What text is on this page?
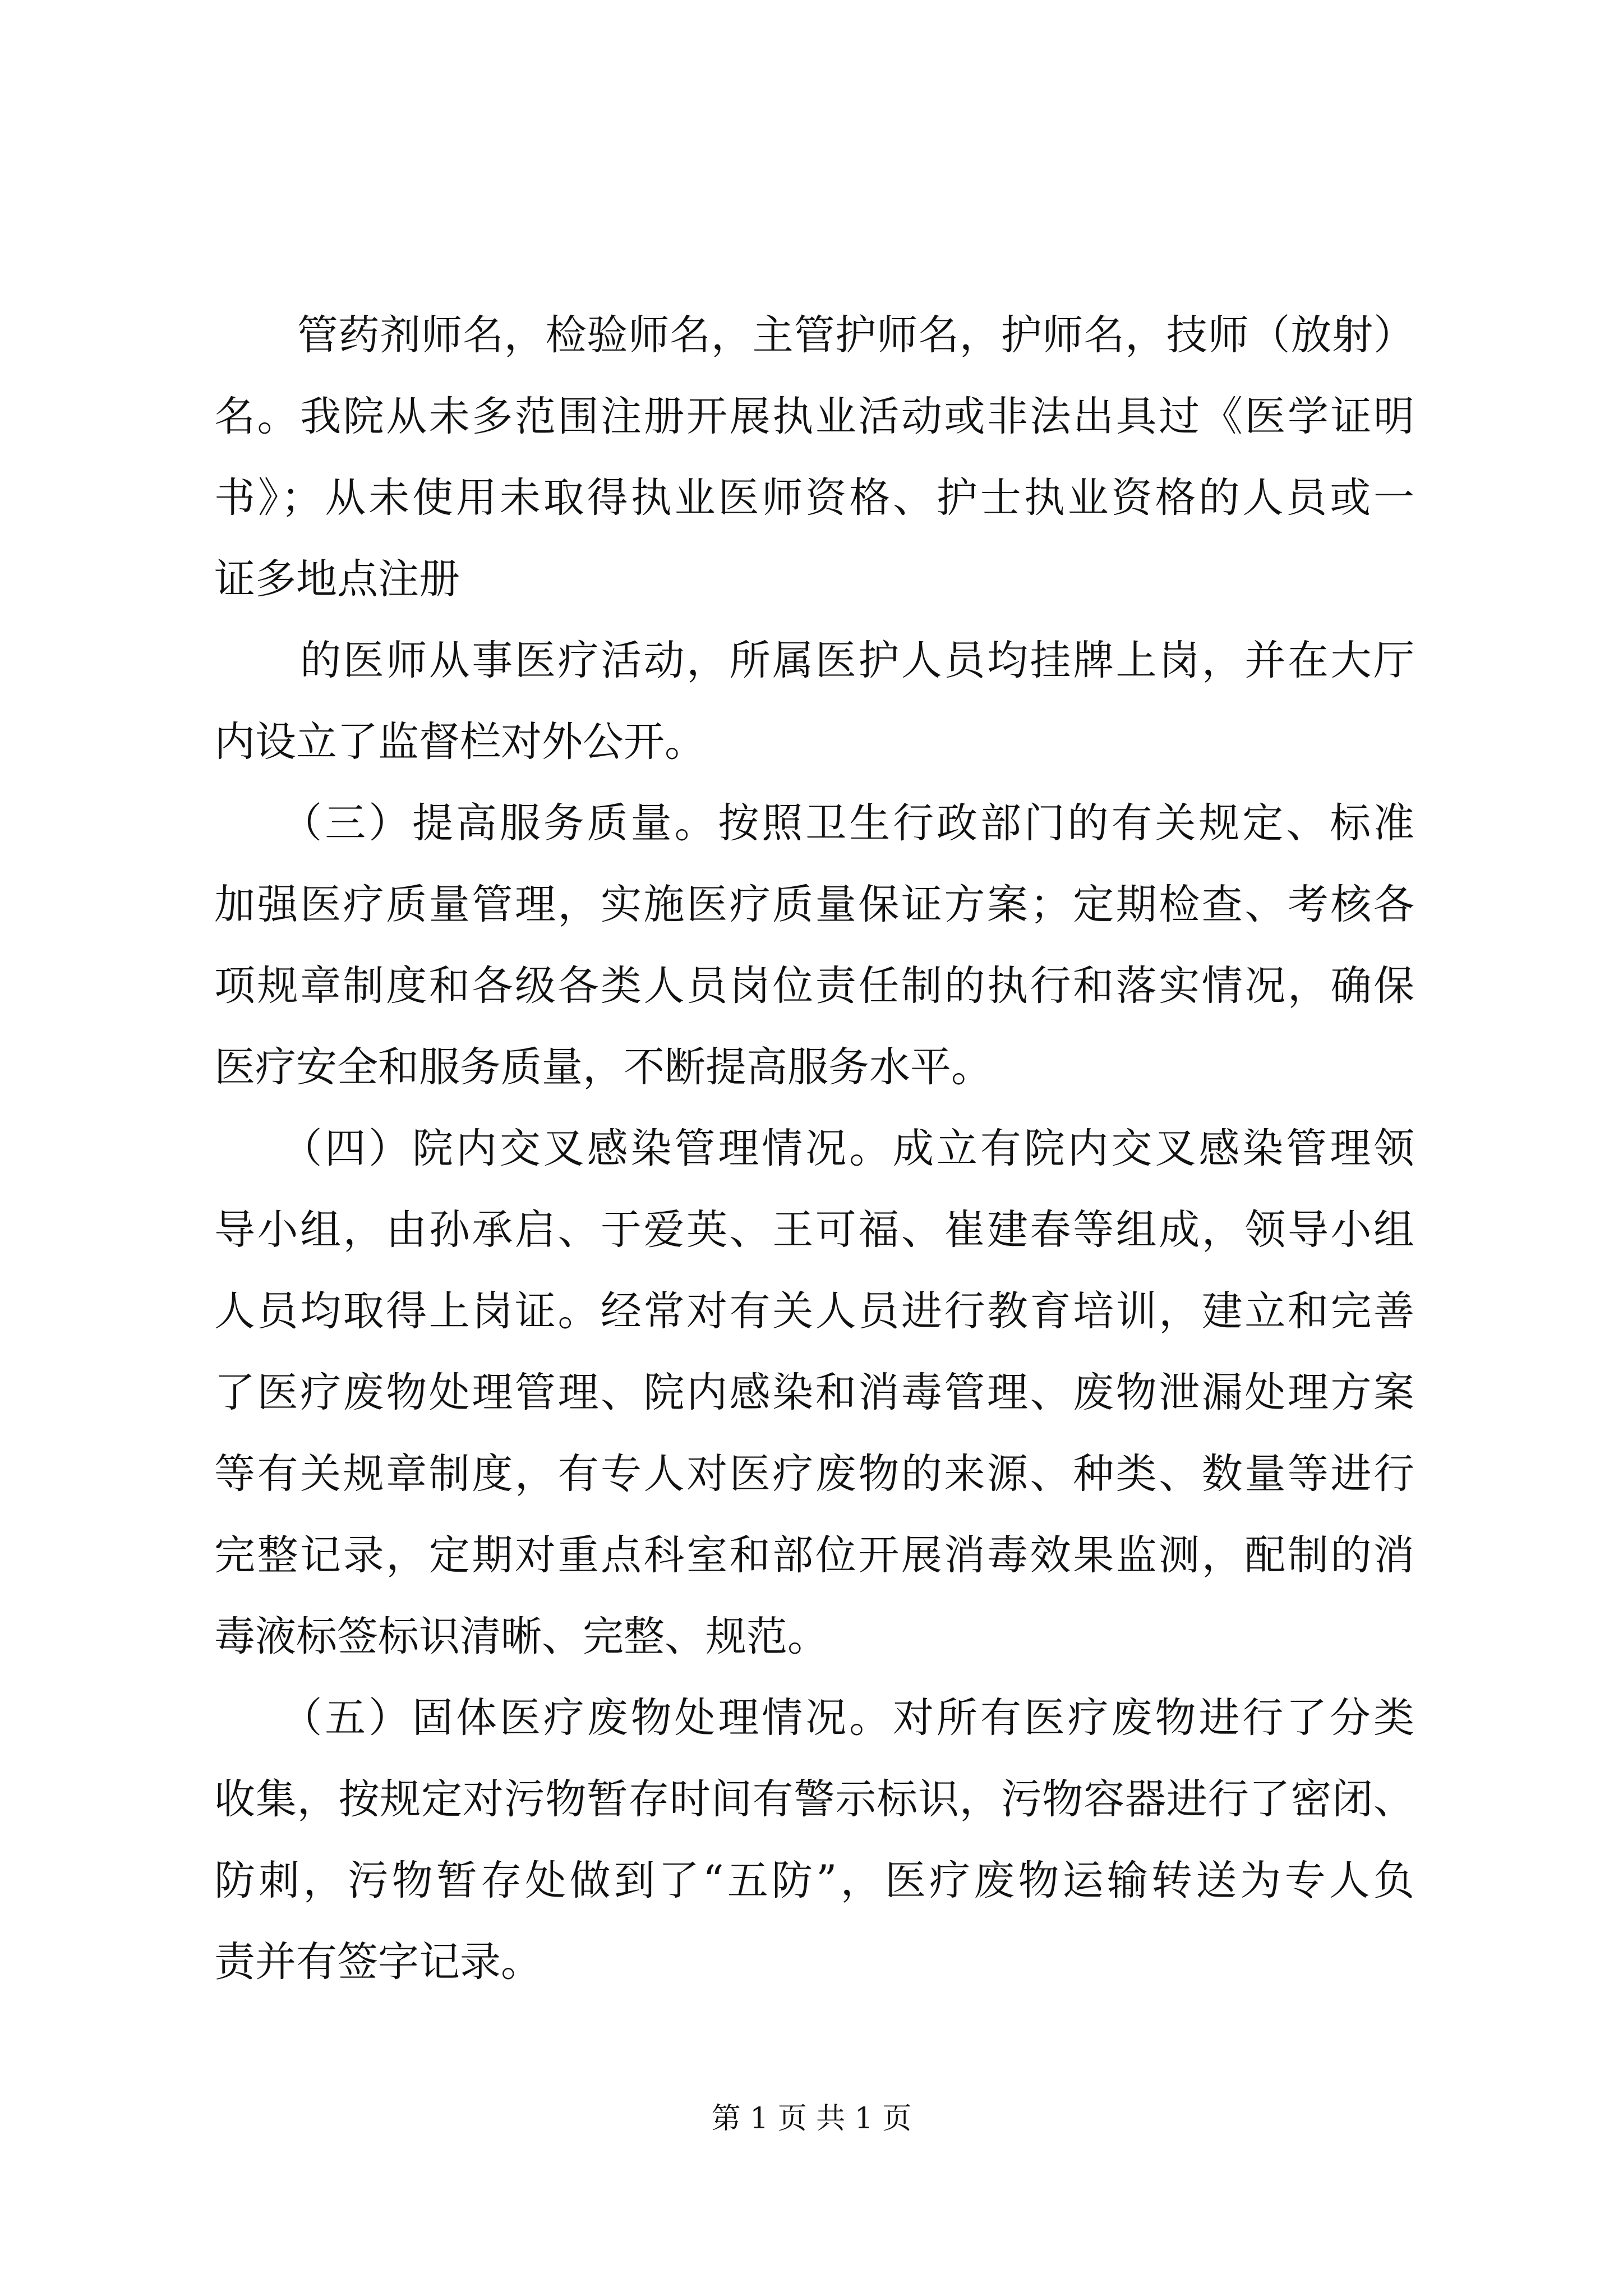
　　管药剂师名，检验师名，主管护师名，护师名，技师（放射）
名。我院从未多范围注册开展执业活动或非法出具过《医学证明
书》；从未使用未取得执业医师资格、护士执业资格的人员或一
证多地点注册
　　的医师从事医疗活动，所属医护人员均挂牌上岗，并在大厅
内设立了监督栏对外公开。
　　（三）提高服务质量。按照卫生行政部门的有关规定、标准
加强医疗质量管理，实施医疗质量保证方案；定期检查、考核各
项规章制度和各级各类人员岗位责任制的执行和落实情况，确保
医疗安全和服务质量，不断提高服务水平。
　　（四）院内交叉感染管理情况。成立有院内交叉感染管理领
导小组，由孙承启、于爱英、王可福、崔建春等组成，领导小组
人员均取得上岗证。经常对有关人员进行教育培训，建立和完善
了医疗废物处理管理、院内感染和消毒管理、废物泄漏处理方案
等有关规章制度，有专人对医疗废物的来源、种类、数量等进行
完整记录，定期对重点科室和部位开展消毒效果监测，配制的消
毒液标签标识清晰、完整、规范。
　　（五）固体医疗废物处理情况。对所有医疗废物进行了分类
收集，按规定对污物暂存时间有警示标识，污物容器进行了密闭、
防刺，污物暂存处做到了“五防”，医疗废物运输转送为专人负
责并有签字记录。
第 1 页 共 1 页
